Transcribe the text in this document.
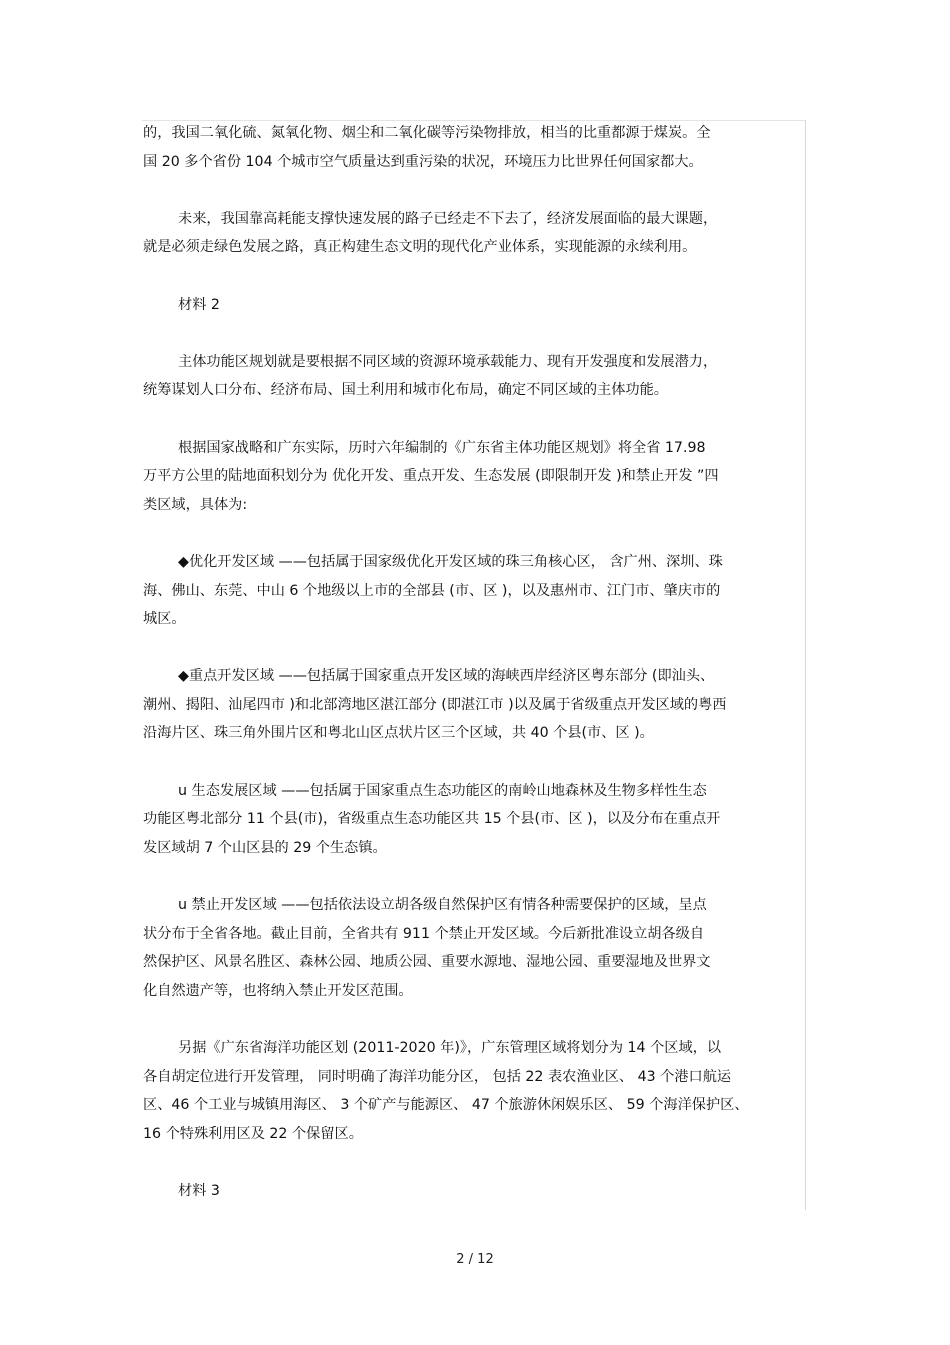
的，我国二氧化硫、氮氧化物、烟尘和二氧化碳等污染物排放，相当的比重都源于煤炭。全
国 20 多个省份 104 个城市空气质量达到重污染的状况，环境压力比世界任何国家都大。
未来，我国靠高耗能支撑快速发展的路子已经走不下去了，经济发展面临的最大课题，
就是必须走绿色发展之路，真正构建生态文明的现代化产业体系，实现能源的永续利用。
材料 2
主体功能区规划就是要根据不同区域的资源环境承载能力、现有开发强度和发展潜力，
统筹谋划人口分布、经济布局、国土利用和城市化布局，确定不同区域的主体功能。
根据国家战略和广东实际，历时六年编制的《广东省主体功能区规划》将全省 17.98
万平方公里的陆地面积划分为 优化开发、重点开发、生态发展 (即限制开发 )和禁止开发 ”四
类区域，具体为:
◆优化开发区域 ——包括属于国家级优化开发区域的珠三角核心区， 含广州、深圳、珠
海、佛山、东莞、中山 6 个地级以上市的全部县 (市、区 )，以及惠州市、江门市、肇庆市的
城区。
◆重点开发区域 ——包括属于国家重点开发区域的海峡西岸经济区粤东部分 (即汕头、
潮州、揭阳、汕尾四市 )和北部湾地区湛江部分 (即湛江市 )以及属于省级重点开发区域的粤西
沿海片区、珠三角外围片区和粤北山区点状片区三个区域，共 40 个县(市、区 )。
u 生态发展区域 ——包括属于国家重点生态功能区的南岭山地森林及生物多样性生态
功能区粤北部分 11 个县(市)，省级重点生态功能区共 15 个县(市、区 )，以及分布在重点开
发区域胡 7 个山区县的 29 个生态镇。
u 禁止开发区域 ——包括依法设立胡各级自然保护区有情各种需要保护的区域，呈点
状分布于全省各地。截止目前，全省共有 911 个禁止开发区域。今后新批准设立胡各级自
然保护区、风景名胜区、森林公园、地质公园、重要水源地、湿地公园、重要湿地及世界文
化自然遗产等，也将纳入禁止开发区范围。
另据《广东省海洋功能区划 (2011-2020 年)》，广东管理区域将划分为 14 个区域，以
各自胡定位进行开发管理， 同时明确了海洋功能分区， 包括 22 表农渔业区、 43 个港口航运
区、46 个工业与城镇用海区、 3 个矿产与能源区、 47 个旅游休闲娱乐区、 59 个海洋保护区、
16 个特殊利用区及 22 个保留区。
材料 3
2 / 12
